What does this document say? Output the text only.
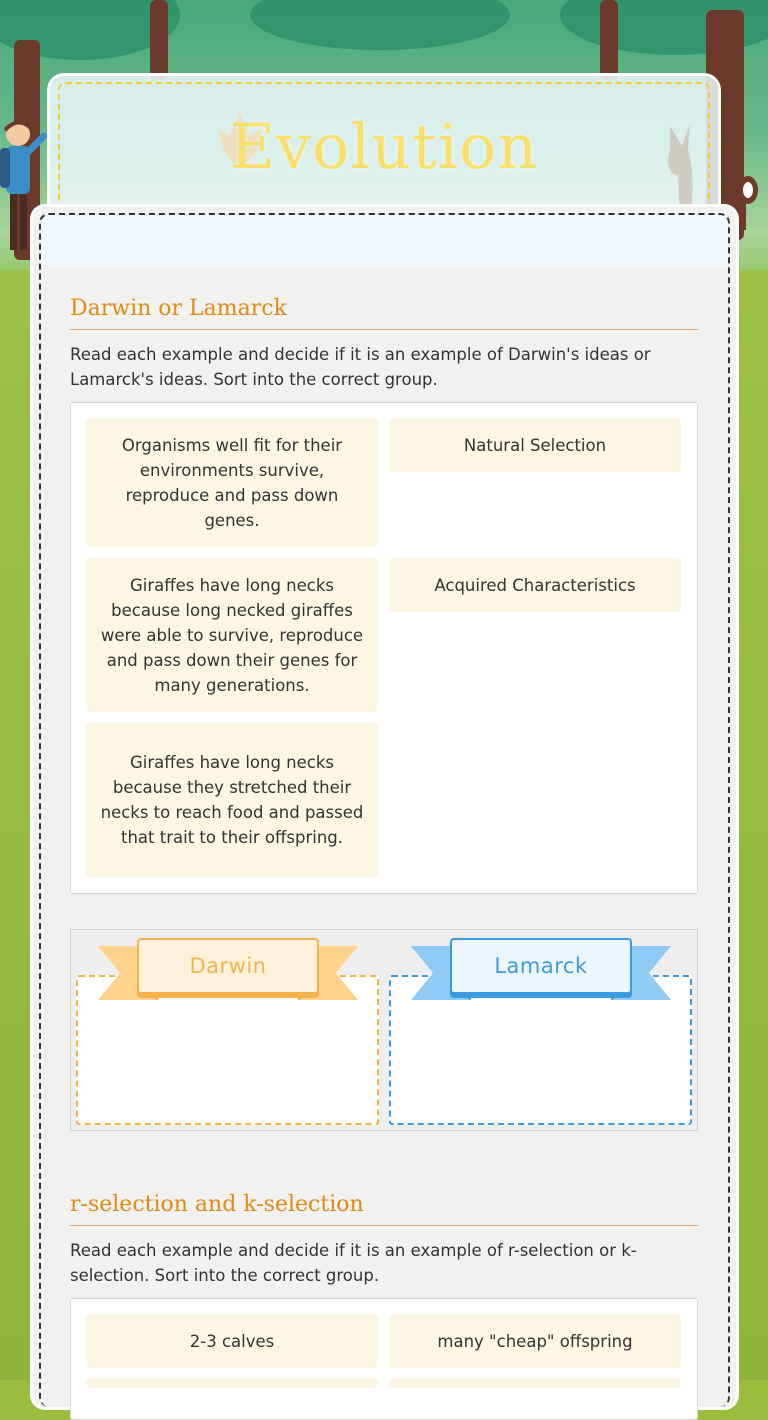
Evolution
Darwin or Lamarck
Read each example and decide if it is an example of Darwin's ideas or Lamarck's ideas. Sort into the correct group.
Organisms well fit for their environments survive, reproduce and pass down genes.
Natural Selection
Giraffes have long necks because long necked giraffes were able to survive, reproduce and pass down their genes for many generations.
Acquired Characteristics
Giraffes have long necks because they stretched their necks to reach food and passed that trait to their offspring.
Darwin	Lamarck
r-selection and k-selection
Read each example and decide if it is an example of r-selection or k-selection. Sort into the correct group.
2-3 calves	many "cheap" offspring
